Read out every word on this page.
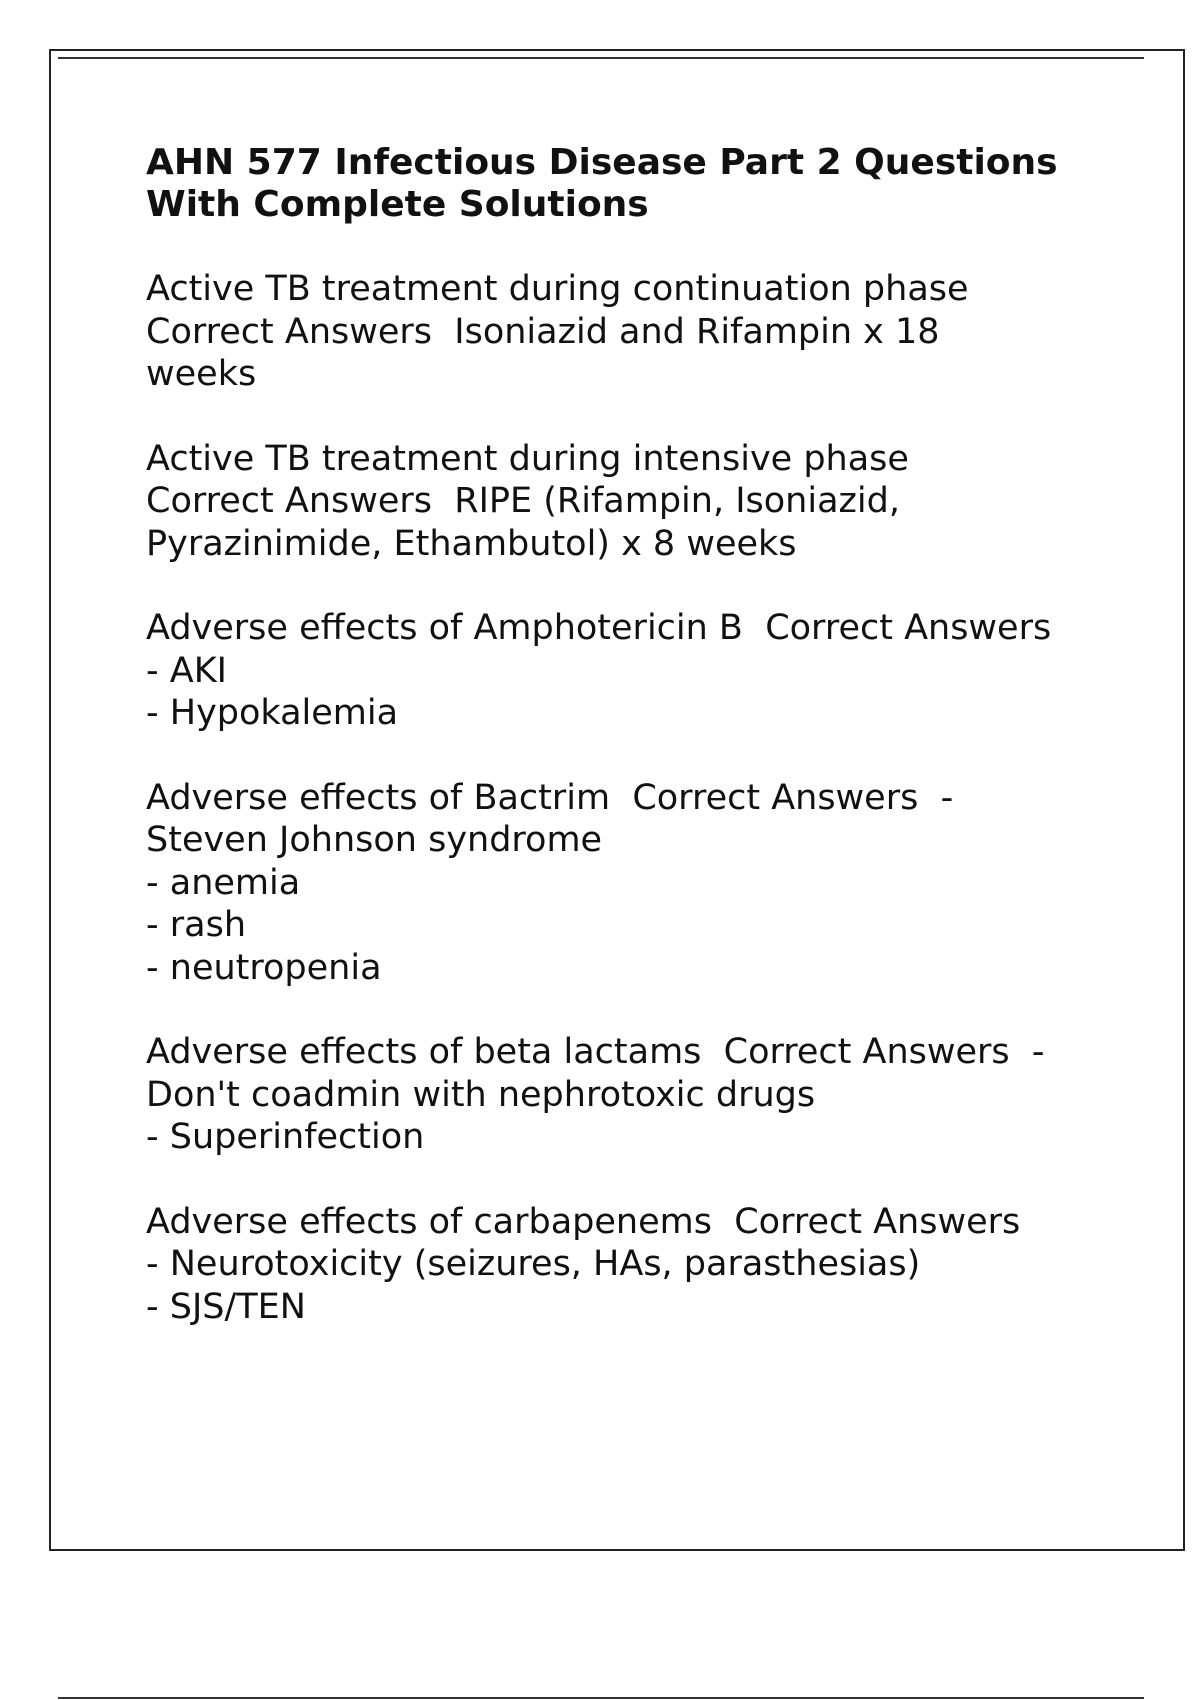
AHN 577 Infectious Disease Part 2 Questions
With Complete Solutions
Active TB treatment during continuation phase
Correct Answers  Isoniazid and Rifampin x 18
weeks
Active TB treatment during intensive phase
Correct Answers  RIPE (Rifampin, Isoniazid,
Pyrazinimide, Ethambutol) x 8 weeks
Adverse effects of Amphotericin B  Correct Answers
- AKI
- Hypokalemia
Adverse effects of Bactrim  Correct Answers  -
Steven Johnson syndrome
- anemia
- rash
- neutropenia
Adverse effects of beta lactams  Correct Answers  -
Don't coadmin with nephrotoxic drugs
- Superinfection
Adverse effects of carbapenems  Correct Answers
- Neurotoxicity (seizures, HAs, parasthesias)
- SJS/TEN
